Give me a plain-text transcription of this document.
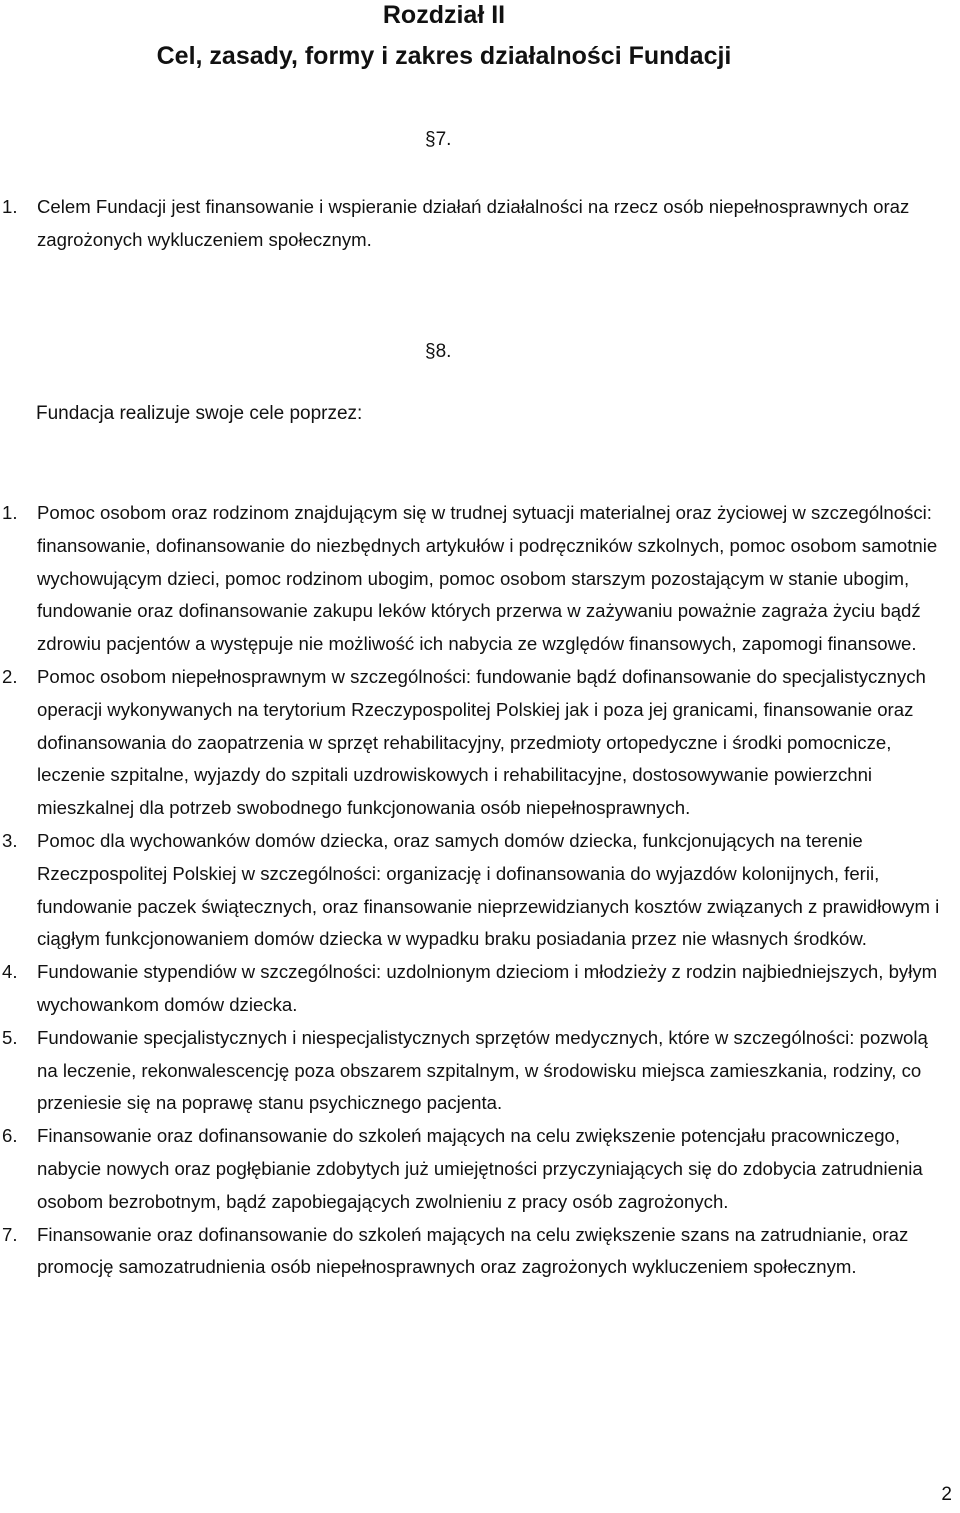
Rozdział II
Cel, zasady, formy i zakres działalności Fundacji
§7.
1. Celem Fundacji jest finansowanie i wspieranie działań działalności na rzecz osób niepełnosprawnych oraz zagrożonych wykluczeniem społecznym.
§8.

Fundacja realizuje swoje cele poprzez:

1. Pomoc osobom oraz rodzinom znajdującym się w trudnej sytuacji materialnej oraz życiowej w szczególności: finansowanie, dofinansowanie do niezbędnych artykułów i podręczników szkolnych, pomoc osobom samotnie wychowującym dzieci, pomoc rodzinom ubogim, pomoc osobom starszym pozostającym w stanie ubogim, fundowanie oraz dofinansowanie zakupu leków których przerwa w zażywaniu poważnie zagraża życiu bądź zdrowiu pacjentów a występuje nie możliwość ich nabycia ze względów finansowych, zapomogi finansowe.
2. Pomoc osobom niepełnosprawnym w szczególności: fundowanie bądź dofinansowanie do specjalistycznych operacji wykonywanych na terytorium Rzeczypospolitej Polskiej jak i poza jej granicami, finansowanie oraz dofinansowania do zaopatrzenia w sprzęt rehabilitacyjny, przedmioty ortopedyczne i środki pomocnicze, leczenie szpitalne, wyjazdy do szpitali uzdrowiskowych i rehabilitacyjne, dostosowywanie powierzchni mieszkalnej dla potrzeb swobodnego funkcjonowania osób niepełnosprawnych.
3. Pomoc dla wychowanków domów dziecka, oraz samych domów dziecka, funkcjonujących na terenie Rzeczpospolitej Polskiej w szczególności: organizację i dofinansowania do wyjazdów kolonijnych, ferii, fundowanie paczek świątecznych, oraz finansowanie nieprzewidzianych kosztów związanych z prawidłowym i ciągłym funkcjonowaniem domów dziecka w wypadku braku posiadania przez nie własnych środków.
4. Fundowanie stypendiów w szczególności: uzdolnionym dzieciom i młodzieży z rodzin najbiedniejszych, byłym wychowankom domów dziecka.
5. Fundowanie specjalistycznych i niespecjalistycznych sprzętów medycznych, które w szczególności: pozwolą na leczenie, rekonwalescencję poza obszarem szpitalnym, w środowisku miejsca zamieszkania, rodziny, co przeniesie się na poprawę stanu psychicznego pacjenta.
6. Finansowanie oraz dofinansowanie do szkoleń mających na celu zwiększenie potencjału pracowniczego, nabycie nowych oraz pogłębianie zdobytych już umiejętności przyczyniających się do zdobycia zatrudnienia osobom bezrobotnym, bądź zapobiegających zwolnieniu z pracy osób zagrożonych.
7. Finansowanie oraz dofinansowanie do szkoleń mających na celu zwiększenie szans na zatrudnianie, oraz promocję samozatrudnienia osób niepełnosprawnych oraz zagrożonych wykluczeniem społecznym.
2
